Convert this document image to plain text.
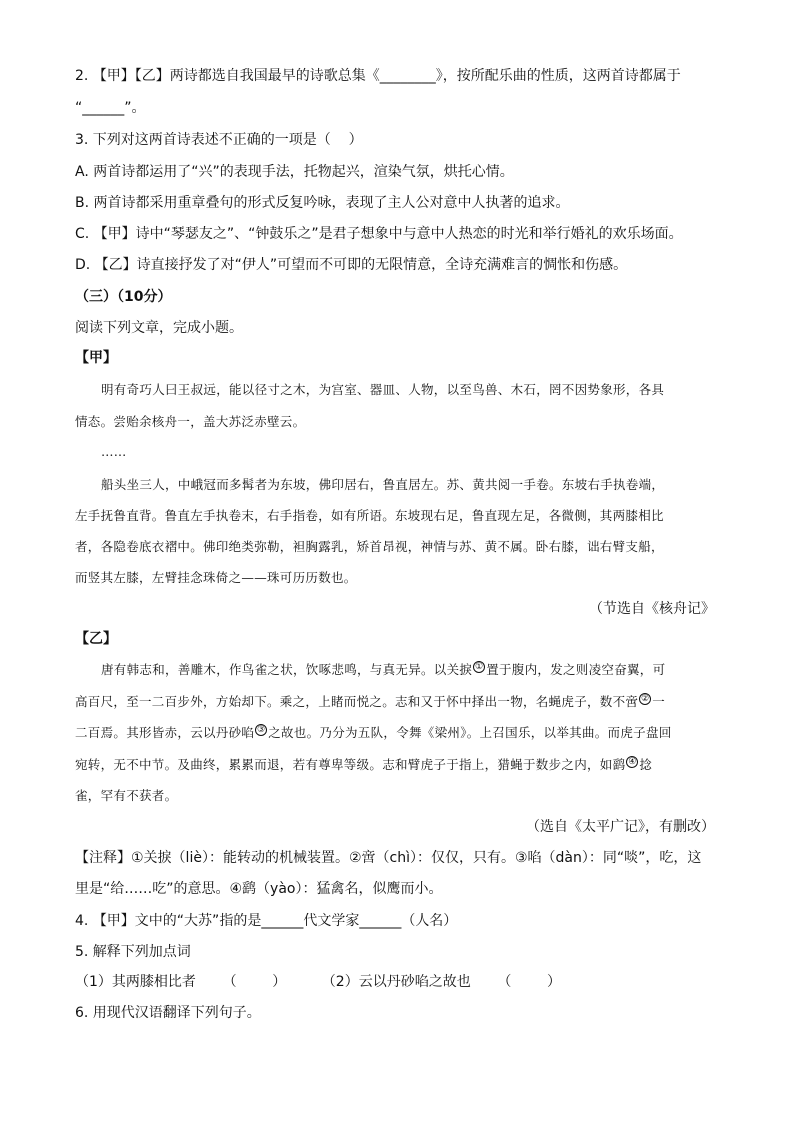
2. 【甲】【乙】两诗都选自我国最早的诗歌总集《________》，按所配乐曲的性质，这两首诗都属于
“______”。
3. 下列对这两首诗表述不正确的一项是（    ）
A. 两首诗都运用了“兴”的表现手法，托物起兴，渲染气氛，烘托心情。
B. 两首诗都采用重章叠句的形式反复吟咏，表现了主人公对意中人执著的追求。
C. 【甲】诗中“琴瑟友之”、“钟鼓乐之”是君子想象中与意中人热恋的时光和举行婚礼的欢乐场面。
D. 【乙】诗直接抒发了对“伊人”可望而不可即的无限情意，全诗充满难言的惆怅和伤感。
（三）（10分）
阅读下列文章，完成小题。
【甲】
明有奇巧人曰王叔远，能以径寸之木，为宫室、器皿、人物，以至鸟兽、木石，罔不因势象形，各具
情态。尝贻余核舟一，盖大苏泛赤壁云。
……
船头坐三人，中峨冠而多髯者为东坡，佛印居右，鲁直居左。苏、黄共阅一手卷。东坡右手执卷端，
左手抚鲁直背。鲁直左手执卷末，右手指卷，如有所语。东坡现右足，鲁直现左足，各微侧，其两膝相比
者，各隐卷底衣褶中。佛印绝类弥勒，袒胸露乳，矫首昂视，神情与苏、黄不属。卧右膝，诎右臂支船，
而竖其左膝，左臂挂念珠倚之——珠可历历数也。
（节选自《核舟记》
【乙】
唐有韩志和，善雕木，作鸟雀之状，饮啄悲鸣，与真无异。以关捩 ① 置于腹内，发之则凌空奋翼，可
高百尺，至一二百步外，方始却下。乘之，上睹而悦之。志和又于怀中择出一物，名蝇虎子，数不啻 ② 一
二百焉。其形皆赤，云以丹砂啗 ③ 之故也。乃分为五队，令舞《梁州》。上召国乐，以举其曲。而虎子盘回
宛转，无不中节。及曲终，累累而退，若有尊卑等级。志和臂虎子于指上，猎蝇于数步之内，如鹞 ④ 捻
雀，罕有不获者。
（选自《太平广记》，有删改）
【注释】①关捩（liè）：能转动的机械装置。②啻（chì）：仅仅，只有。③啗（dàn）：同“啖”，吃，这
里是“给……吃”的意思。④鹞（yào）：猛禽名，似鹰而小。
4. 【甲】文中的“大苏”指的是______代文学家______（人名）
5. 解释下列加点词
（1）其两膝相比者      （        ）        （2）云以丹砂啗之故也      （        ）
6. 用现代汉语翻译下列句子。
